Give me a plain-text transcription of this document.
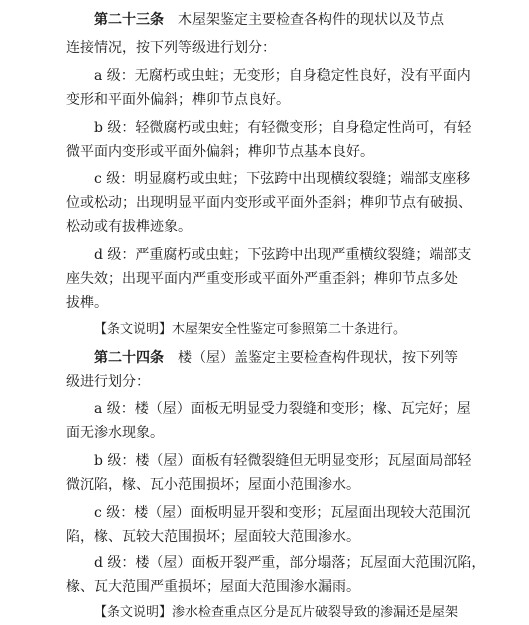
第二十三条 木屋架鉴定主要检查各构件的现状以及节点
连接情况，按下列等级进行划分：
a 级：无腐朽或虫蛀；无变形；自身稳定性良好，没有平面内
变形和平面外偏斜；榫卯节点良好。
b 级：轻微腐朽或虫蛀；有轻微变形；自身稳定性尚可，有轻
微平面内变形或平面外偏斜；榫卯节点基本良好。
c 级：明显腐朽或虫蛀；下弦跨中出现横纹裂缝；端部支座移
位或松动；出现明显平面内变形或平面外歪斜；榫卯节点有破损、
松动或有拔榫迹象。
d 级：严重腐朽或虫蛀；下弦跨中出现严重横纹裂缝；端部支
座失效；出现平面内严重变形或平面外严重歪斜；榫卯节点多处
拔榫。
【条文说明】木屋架安全性鉴定可参照第二十条进行。
第二十四条 楼（屋）盖鉴定主要检查构件现状，按下列等
级进行划分：
a 级：楼（屋）面板无明显受力裂缝和变形；椽、瓦完好；屋
面无渗水现象。
b 级：楼（屋）面板有轻微裂缝但无明显变形；瓦屋面局部轻
微沉陷，椽、瓦小范围损坏；屋面小范围渗水。
c 级：楼（屋）面板明显开裂和变形；瓦屋面出现较大范围沉
陷，椽、瓦较大范围损坏；屋面较大范围渗水。
d 级：楼（屋）面板开裂严重，部分塌落；瓦屋面大范围沉陷，
椽、瓦大范围严重损坏；屋面大范围渗水漏雨。
【条文说明】渗水检查重点区分是瓦片破裂导致的渗漏还是屋架
